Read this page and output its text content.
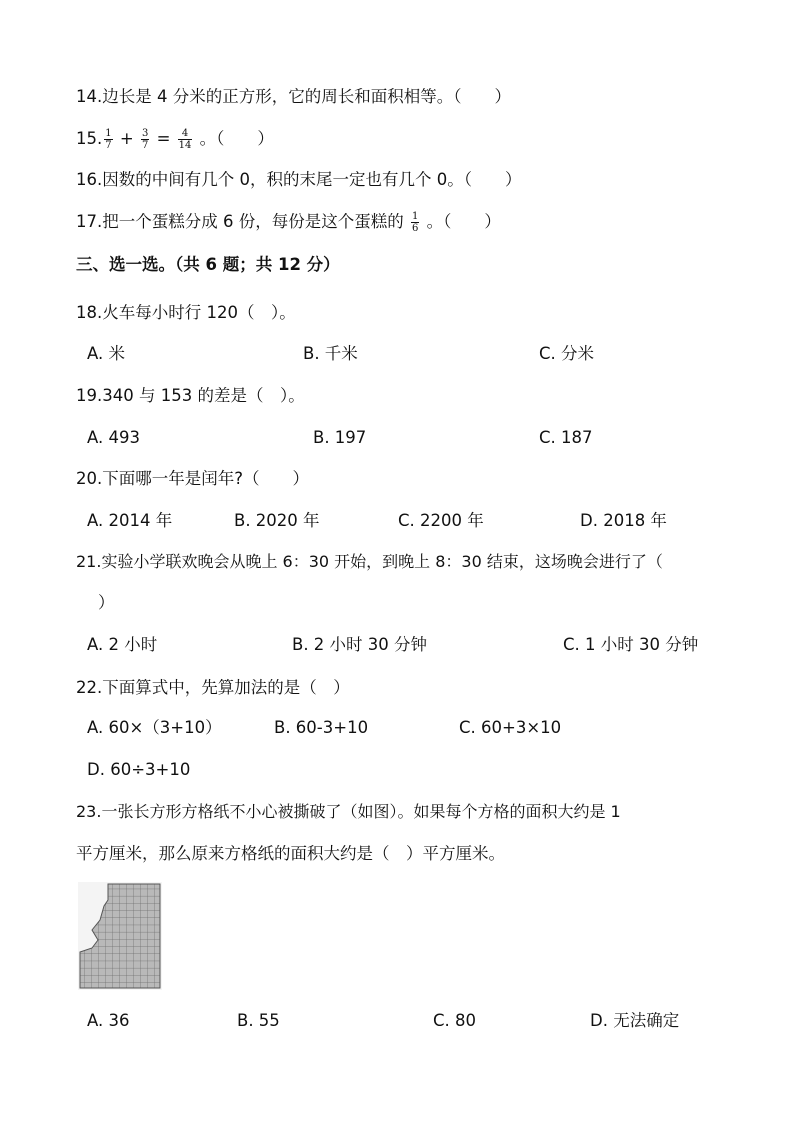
14.边长是 4 分米的正方形，它的周长和面积相等。（　　）
15. $\frac{1}{7} + \frac{3}{7} = \frac{4}{14}$ 。（　　）
16.因数的中间有几个 0，积的末尾一定也有几个 0。（　　）
17.把一个蛋糕分成 6 份，每份是这个蛋糕的 $\frac{1}{6}$ 。（　　）
三、选一选。（共 6 题；共 12 分）
18.火车每小时行 120（　）。
A. 米	B. 千米	C. 分米
19.340 与 153 的差是（　）。
A. 493	B. 197	C. 187
20.下面哪一年是闰年?（　　）
A. 2014 年	B. 2020 年	C. 2200 年	D. 2018 年
21.实验小学联欢晚会从晚上 6：30 开始，到晚上 8：30 结束，这场晚会进行了（
）
A. 2 小时	B. 2 小时 30 分钟	C. 1 小时 30 分钟
22.下面算式中，先算加法的是（　）
A. 60×（3+10）	B. 60-3+10	C. 60+3×10
D. 60÷3+10
23.一张长方形方格纸不小心被撕破了（如图）。如果每个方格的面积大约是 1
平方厘米，那么原来方格纸的面积大约是（　）平方厘米。
A. 36	B. 55	C. 80	D. 无法确定
